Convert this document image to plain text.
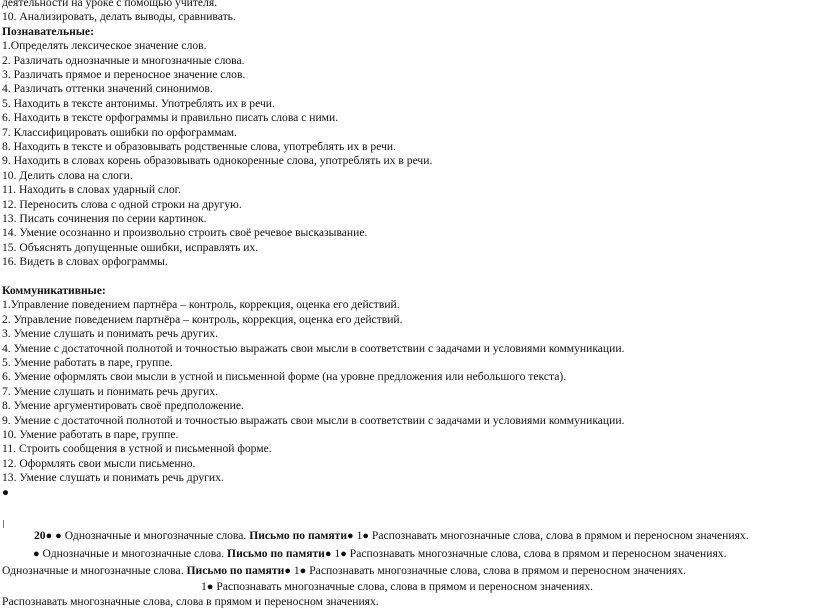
деятельности на уроке с помощью учителя.
10. Анализировать, делать выводы, сравнивать.
Познавательные:
1.Определять лексическое значение слов.
2. Различать однозначные и многозначные слова.
3. Различать прямое и переносное значение слов.
4. Различать оттенки значений синонимов.
5. Находить в тексте антонимы. Употреблять их в речи.
6. Находить в тексте орфограммы и правильно писать слова с ними.
7. Классифицировать ошибки по орфограммам.
8. Находить в тексте и образовывать родственные слова, употреблять их в речи.
9. Находить в словах корень образовывать однокоренные слова, употреблять их в речи.
10. Делить слова на слоги.
11. Находить в словах ударный слог.
12. Переносить слова с одной строки на другую.
13. Писать сочинения по серии картинок.
14. Умение осознанно и произвольно строить своё речевое высказывание.
15. Объяснять допущенные ошибки, исправлять их.
16. Видеть в словах орфограммы.
Коммуникативные:
1.Управление поведением партнёра – контроль, коррекция, оценка его действий.
2. Управление поведением партнёра – контроль, коррекция, оценка его действий.
3. Умение слушать и понимать речь других.
4. Умение с достаточной полнотой и точностью выражать свои мысли в соответствии с задачами и условиями коммуникации.
5. Умение работать в паре, группе.
6. Умение оформлять свои мысли в устной и письменной форме (на уровне предложения или небольшого текста).
7. Умение слушать и понимать речь других.
8. Умение аргументировать своё предположение.
9. Умение с достаточной полнотой и точностью выражать свои мысли в соответствии с задачами и условиями коммуникации.
10. Умение работать в паре, группе.
11. Строить сообщения в устной и письменной форме.
12. Оформлять свои мысли письменно.
13. Умение слушать и понимать речь других.
●
20● ● Однозначные и многозначные слова. Письмо по памяти● 1● Распознавать многозначные слова, слова в прямом и переносном значениях.
● Однозначные и многозначные слова. Письмо по памяти● 1● Распознавать многозначные слова, слова в прямом и переносном значениях.
Однозначные и многозначные слова. Письмо по памяти● 1● Распознавать многозначные слова, слова в прямом и переносном значениях.
1● Распознавать многозначные слова, слова в прямом и переносном значениях.
Распознавать многозначные слова, слова в прямом и переносном значениях.
